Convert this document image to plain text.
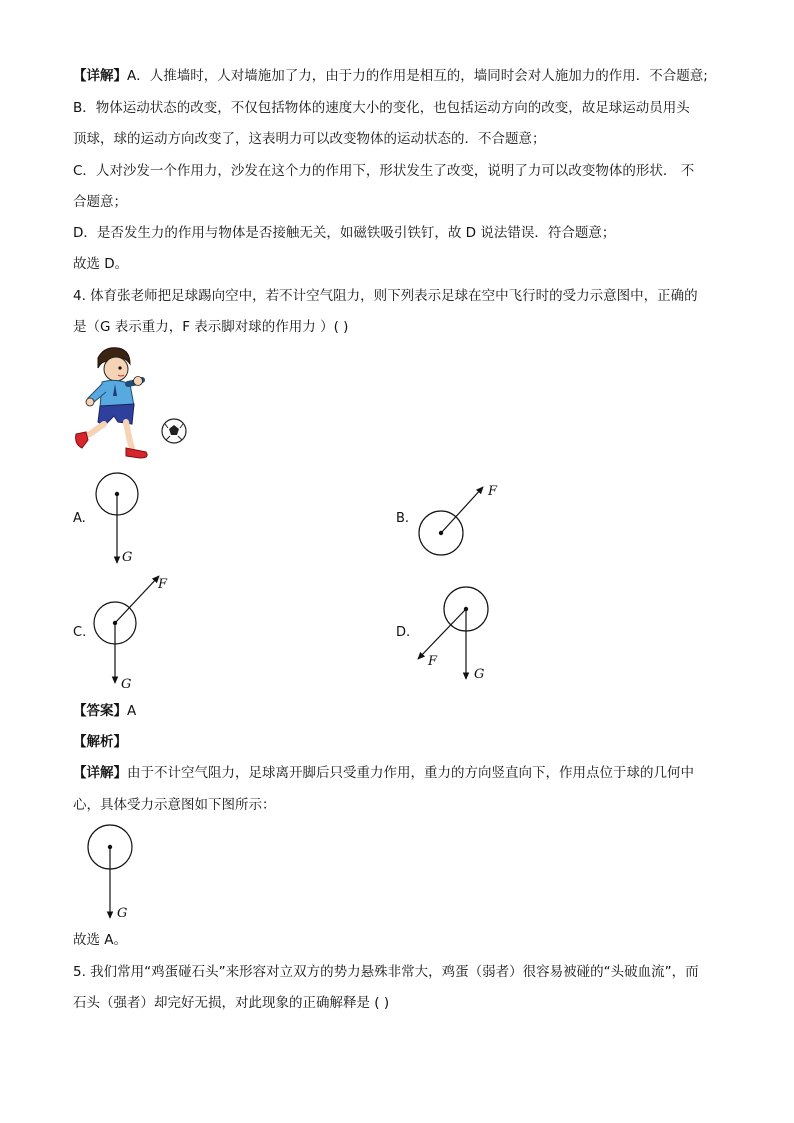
【详解】A．人推墙时，人对墙施加了力，由于力的作用是相互的，墙同时会对人施加力的作用．不合题意;
B．物体运动状态的改变，不仅包括物体的速度大小的变化，也包括运动方向的改变，故足球运动员用头
顶球，球的运动方向改变了，这表明力可以改变物体的运动状态的．不合题意；
C．人对沙发一个作用力，沙发在这个力的作用下，形状发生了改变，说明了力可以改变物体的形状． 不
合题意；
D．是否发生力的作用与物体是否接触无关，如磁铁吸引铁钉，故 D 说法错误．符合题意；
故选 D。
4. 体育张老师把足球踢向空中，若不计空气阻力，则下列表示足球在空中飞行时的受力示意图中，正确的
是（G 表示重力，F 表示脚对球的作用力 ）( )
A.
G
B.
F
C.
F
G
D.
F
G
【答案】A
【解析】
【详解】由于不计空气阻力，足球离开脚后只受重力作用，重力的方向竖直向下，作用点位于球的几何中
心，具体受力示意图如下图所示：
G
故选 A。
5. 我们常用“鸡蛋碰石头”来形容对立双方的势力悬殊非常大，鸡蛋（弱者）很容易被碰的“头破血流”，而
石头（强者）却完好无损，对此现象的正确解释是 ( )
